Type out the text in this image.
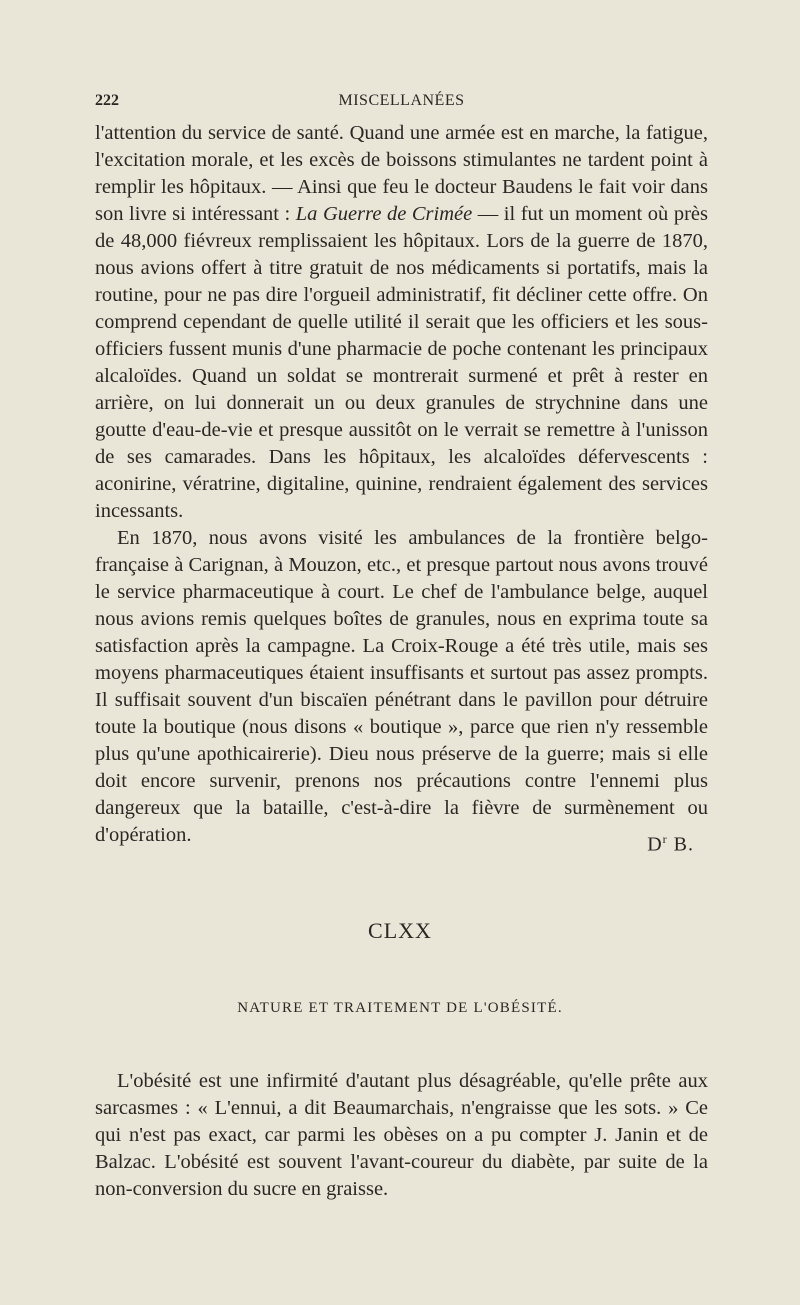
222	MISCELLANÉES

l'attention du service de santé. Quand une armée est en marche, la fatigue, l'excitation morale, et les excès de boissons stimulantes ne tardent point à remplir les hôpitaux. — Ainsi que feu le docteur Baudens le fait voir dans son livre si intéressant : La Guerre de Crimée — il fut un moment où près de 48,000 fiévreux remplissaient les hôpitaux. Lors de la guerre de 1870, nous avions offert à titre gratuit de nos médicaments si portatifs, mais la routine, pour ne pas dire l'orgueil administratif, fit décliner cette offre. On comprend cependant de quelle utilité il serait que les officiers et les sous-officiers fussent munis d'une pharmacie de poche contenant les principaux alcaloïdes. Quand un soldat se montrerait surmené et prêt à rester en arrière, on lui donnerait un ou deux granules de strychnine dans une goutte d'eau-de-vie et presque aussitôt on le verrait se remettre à l'unisson de ses camarades. Dans les hôpitaux, les alcaloïdes défervescents : aconirine, vératrine, digitaline, quinine, rendraient également des services incessants.

En 1870, nous avons visité les ambulances de la frontière belgo-française à Carignan, à Mouzon, etc., et presque partout nous avons trouvé le service pharmaceutique à court. Le chef de l'ambulance belge, auquel nous avions remis quelques boîtes de granules, nous en exprima toute sa satisfaction après la campagne. La Croix-Rouge a été très utile, mais ses moyens pharmaceutiques étaient insuffisants et surtout pas assez prompts. Il suffisait souvent d'un biscaïen pénétrant dans le pavillon pour détruire toute la boutique (nous disons « boutique », parce que rien n'y ressemble plus qu'une apothicairerie). Dieu nous préserve de la guerre; mais si elle doit encore survenir, prenons nos précautions contre l'ennemi plus dangereux que la bataille, c'est-à-dire la fièvre de surmènement ou d'opération.	$D^r$ B.
CLXX
NATURE ET TRAITEMENT DE L'OBÉSITÉ.

L'obésité est une infirmité d'autant plus désagréable, qu'elle prête aux sarcasmes : « L'ennui, a dit Beaumarchais, n'engraisse que les sots. » Ce qui n'est pas exact, car parmi les obèses on a pu compter J. Janin et de Balzac. L'obésité est souvent l'avant-coureur du diabète, par suite de la non-conversion du sucre en graisse.
